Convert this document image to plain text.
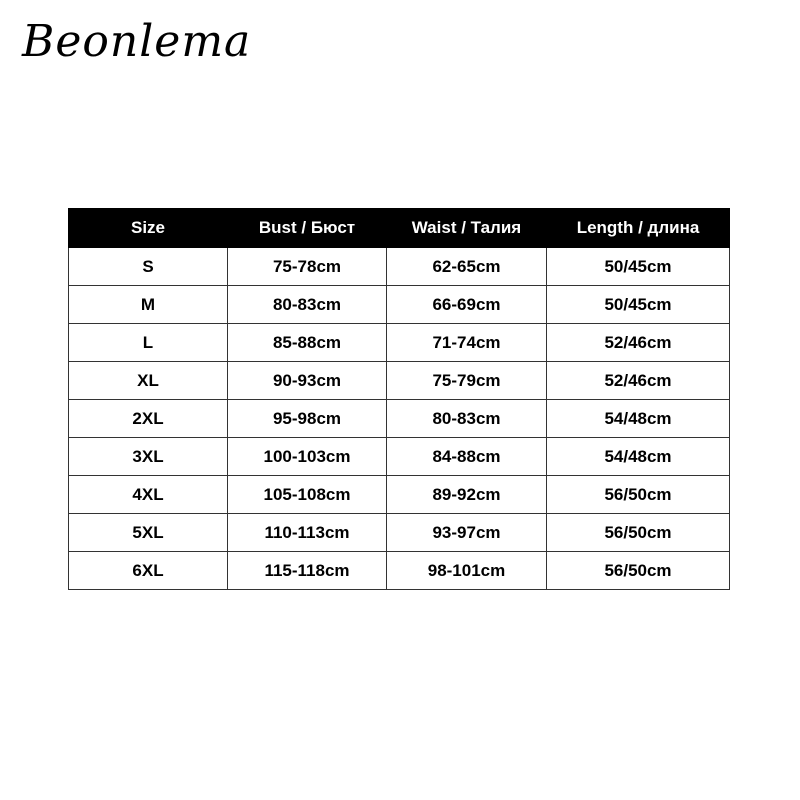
Beonlema
Size	Bust / Бюст	Waist / Талия	Length / длина
S	75-78cm	62-65cm	50/45cm
M	80-83cm	66-69cm	50/45cm
L	85-88cm	71-74cm	52/46cm
XL	90-93cm	75-79cm	52/46cm
2XL	95-98cm	80-83cm	54/48cm
3XL	100-103cm	84-88cm	54/48cm
4XL	105-108cm	89-92cm	56/50cm
5XL	110-113cm	93-97cm	56/50cm
6XL	115-118cm	98-101cm	56/50cm
